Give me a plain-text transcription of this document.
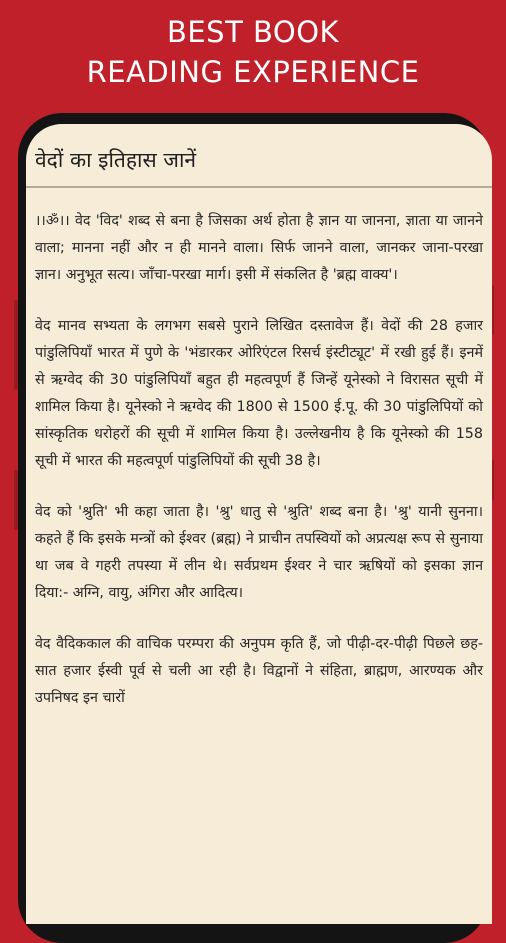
BEST BOOK
READING EXPERIENCE
वेदों का इतिहास जानें

।।ॐ।। वेद 'विद' शब्द से बना है जिसका अर्थ होता है ज्ञान या जानना, ज्ञाता या जानने वाला; मानना नहीं और न ही मानने वाला। सिर्फ जानने वाला, जानकर जाना-परखा ज्ञान। अनुभूत सत्य। जाँचा-परखा मार्ग। इसी में संकलित है 'ब्रह्म वाक्य'।

वेद मानव सभ्यता के लगभग सबसे पुराने लिखित दस्तावेज हैं। वेदों की 28 हजार पांडुलिपियाँ भारत में पुणे के 'भंडारकर ओरिएंटल रिसर्च इंस्टीट्यूट' में रखी हुई हैं। इनमें से ऋग्वेद की 30 पांडुलिपियाँ बहुत ही महत्वपूर्ण हैं जिन्हें यूनेस्को ने विरासत सूची में शामिल किया है। यूनेस्को ने ऋग्वेद की 1800 से 1500 ई.पू. की 30 पांडुलिपियों को सांस्कृतिक धरोहरों की सूची में शामिल किया है। उल्लेखनीय है कि यूनेस्को की 158 सूची में भारत की महत्वपूर्ण पांडुलिपियों की सूची 38 है।

वेद को 'श्रुति' भी कहा जाता है। 'श्रु' धातु से 'श्रुति' शब्द बना है। 'श्रु' यानी सुनना। कहते हैं कि इसके मन्त्रों को ईश्वर (ब्रह्म) ने प्राचीन तपस्वियों को अप्रत्यक्ष रूप से सुनाया था जब वे गहरी तपस्या में लीन थे। सर्वप्रथम ईश्वर ने चार ऋषियों को इसका ज्ञान दिया:- अग्नि, वायु, अंगिरा और आदित्य।

वेद वैदिककाल की वाचिक परम्परा की अनुपम कृति हैं, जो पीढ़ी-दर-पीढ़ी पिछले छह-सात हजार ईस्वी पूर्व से चली आ रही है। विद्वानों ने संहिता, ब्राह्मण, आरण्यक और उपनिषद इन चारों
